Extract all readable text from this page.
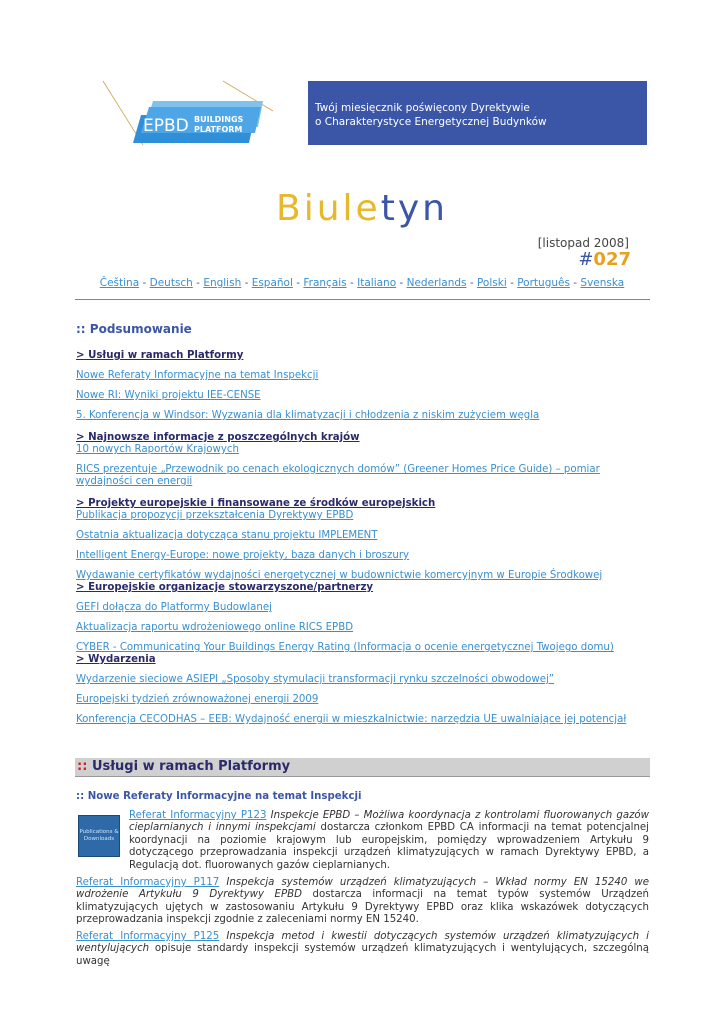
EPBD BUILDINGS
PLATFORM
Twój miesięcznik poświęcony Dyrektywie
o Charakterystyce Energetycznej Budynków
Biuletyn
[listopad 2008]
#027
Čeština - Deutsch - English - Español - Français - Italiano - Nederlands - Polski - Português - Svenska
:: Podsumowanie
> Usługi w ramach Platformy
Nowe Referaty Informacyjne na temat Inspekcji
Nowe RI: Wyniki projektu IEE-CENSE
5. Konferencja w Windsor: Wyzwania dla klimatyzacji i chłodzenia z niskim zużyciem węgla
> Najnowsze informacje z poszczególnych krajów
10 nowych Raportów Krajowych
RICS prezentuje „Przewodnik po cenach ekologicznych domów” (Greener Homes Price Guide) – pomiar wydajności cen energii
> Projekty europejskie i finansowane ze środków europejskich
Publikacja propozycji przekształcenia Dyrektywy EPBD
Ostatnia aktualizacja dotycząca stanu projektu IMPLEMENT
Intelligent Energy-Europe: nowe projekty, baza danych i broszury
Wydawanie certyfikatów wydajności energetycznej w budownictwie komercyjnym w Europie Środkowej
> Europejskie organizacje stowarzyszone/partnerzy
GEFI dołącza do Platformy Budowlanej
Aktualizacja raportu wdrożeniowego online RICS EPBD
CYBER - Communicating Your Buildings Energy Rating (Informacja o ocenie energetycznej Twojego domu)
> Wydarzenia
Wydarzenie sieciowe ASIEPI „Sposoby stymulacji transformacji rynku szczelności obwodowej”
Europejski tydzień zrównoważonej energii 2009
Konferencja CECODHAS – EEB: Wydajność energii w mieszkalnictwie: narzędzia UE uwalniające jej potencjał
:: Usługi w ramach Platformy
:: Nowe Referaty Informacyjne na temat Inspekcji
Publications & Downloads
Referat Informacyjny P123 Inspekcje EPBD – Możliwa koordynacja z kontrolami fluorowanych gazów cieplarnianych i innymi inspekcjami dostarcza członkom EPBD CA informacji na temat potencjalnej koordynacji na poziomie krajowym lub europejskim, pomiędzy wprowadzeniem Artykułu 9 dotyczącego przeprowadzania inspekcji urządzeń klimatyzujących w ramach Dyrektywy EPBD, a Regulacją dot. fluorowanych gazów cieplarnianych.
Referat Informacyjny P117 Inspekcja systemów urządzeń klimatyzujących – Wkład normy EN 15240 we wdrożenie Artykułu 9 Dyrektywy EPBD dostarcza informacji na temat typów systemów Urządzeń klimatyzujących ujętych w zastosowaniu Artykułu 9 Dyrektywy EPBD oraz klika wskazówek dotyczących przeprowadzania inspekcji zgodnie z zaleceniami normy EN 15240.
Referat Informacyjny P125 Inspekcja metod i kwestii dotyczących systemów urządzeń klimatyzujących i wentylujących opisuje standardy inspekcji systemów urządzeń klimatyzujących i wentylujących, szczególną uwagę
